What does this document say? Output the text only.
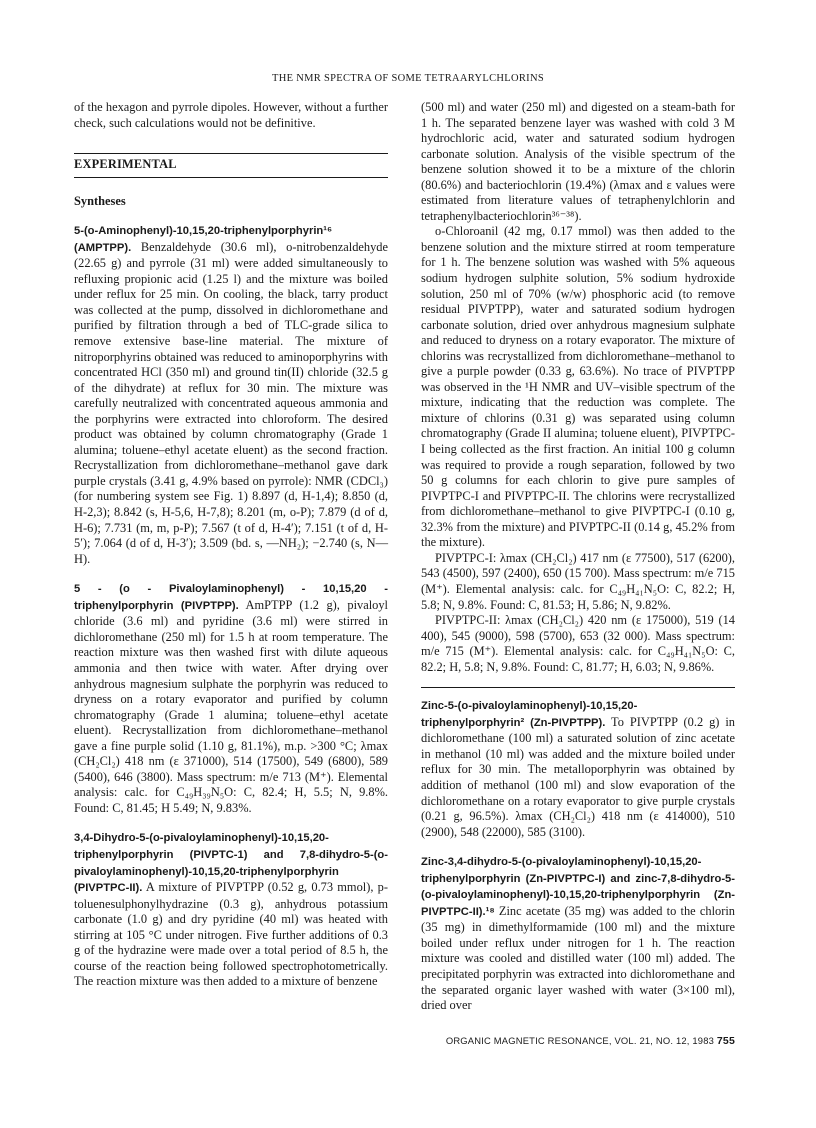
THE NMR SPECTRA OF SOME TETRAARYLCHLORINS

of the hexagon and pyrrole dipoles. However, without a further check, such calculations would not be definitive.

EXPERIMENTAL
Syntheses

5-(o-Aminophenyl)-10,15,20-triphenylporphyrin¹⁶ (AMPTPP). Benzaldehyde (30.6 ml), o-nitrobenzaldehyde (22.65 g) and pyrrole (31 ml) were added simultaneously to refluxing propionic acid (1.25 l) and the mixture was boiled under reflux for 25 min. On cooling, the black, tarry product was collected at the pump, dissolved in dichloromethane and purified by filtration through a bed of TLC-grade silica to remove extensive base-line material. The mixture of nitroporphyrins obtained was reduced to aminoporphyrins with concentrated HCl (350 ml) and ground tin(II) chloride (32.5 g of the dihydrate) at reflux for 30 min. The mixture was carefully neutralized with concentrated aqueous ammonia and the porphyrins were extracted into chloroform. The desired product was obtained by column chromatography (Grade 1 alumina; toluene–ethyl acetate eluent) as the second fraction. Recrystallization from dichloromethane–methanol gave dark purple crystals (3.41 g, 4.9% based on pyrrole): NMR (CDCl₃) (for numbering system see Fig. 1) 8.897 (d, H-1,4); 8.850 (d, H-2,3); 8.842 (s, H-5,6, H-7,8); 8.201 (m, o-P); 7.879 (d of d, H-6); 7.731 (m, m, p-P); 7.567 (t of d, H-4′); 7.151 (t of d, H-5′); 7.064 (d of d, H-3′); 3.509 (bd. s, —NH₂); −2.740 (s, N—H).

5 - (o - Pivaloylaminophenyl) - 10,15,20 - triphenylporphyrin (PIVPTPP). AmPTPP (1.2 g), pivaloyl chloride (3.6 ml) and pyridine (3.6 ml) were stirred in dichloromethane (250 ml) for 1.5 h at room temperature. The reaction mixture was then washed first with dilute aqueous ammonia and then twice with water. After drying over anhydrous magnesium sulphate the porphyrin was reduced to dryness on a rotary evaporator and purified by column chromatography (Grade 1 alumina; toluene–ethyl acetate eluent). Recrystallization from dichloromethane–methanol gave a fine purple solid (1.10 g, 81.1%), m.p. >300 °C; λmax (CH₂Cl₂) 418 nm (ε 371000), 514 (17500), 549 (6800), 589 (5400), 646 (3800). Mass spectrum: m/e 713 (M⁺). Elemental analysis: calc. for C₄₉H₃₉N₅O: C, 82.4; H, 5.5; N, 9.8%. Found: C, 81.45; H 5.49; N, 9.83%.

3,4-Dihydro-5-(o-pivaloylaminophenyl)-10,15,20-triphenylporphyrin (PIVPTC-1) and 7,8-dihydro-5-(o-pivaloylaminophenyl)-10,15,20-triphenylporphyrin (PIVPTPC-II). A mixture of PIVPTPP (0.52 g, 0.73 mmol), p-toluenesulphonylhydrazine (0.3 g), anhydrous potassium carbonate (1.0 g) and dry pyridine (40 ml) was heated with stirring at 105 °C under nitrogen. Five further additions of 0.3 g of the hydrazine were made over a total period of 8.5 h, the course of the reaction being followed spectrophotometrically. The reaction mixture was then added to a mixture of benzene

(500 ml) and water (250 ml) and digested on a steam-bath for 1 h. The separated benzene layer was washed with cold 3 M hydrochloric acid, water and saturated sodium hydrogen carbonate solution. Analysis of the visible spectrum of the benzene solution showed it to be a mixture of the chlorin (80.6%) and bacteriochlorin (19.4%) (λmax and ε values were estimated from literature values of tetraphenylchlorin and tetraphenylbacteriochlorin³⁶⁻³⁸).

o-Chloroanil (42 mg, 0.17 mmol) was then added to the benzene solution and the mixture stirred at room temperature for 1 h. The benzene solution was washed with 5% aqueous sodium hydrogen sulphite solution, 5% sodium hydroxide solution, 250 ml of 70% (w/w) phosphoric acid (to remove residual PIVPTPP), water and saturated sodium hydrogen carbonate solution, dried over anhydrous magnesium sulphate and reduced to dryness on a rotary evaporator. The mixture of chlorins was recrystallized from dichloromethane–methanol to give a purple powder (0.33 g, 63.6%). No trace of PIVPTPP was observed in the ¹H NMR and UV–visible spectrum of the mixture, indicating that the reduction was complete. The mixture of chlorins (0.31 g) was separated using column chromatography (Grade II alumina; toluene eluent), PIVPTPC-I being collected as the first fraction. An initial 100 g column was required to provide a rough separation, followed by two 50 g columns for each chlorin to give pure samples of PIVPTPC-I and PIVPTPC-II. The chlorins were recrystallized from dichloromethane–methanol to give PIVPTPC-I (0.10 g, 32.3% from the mixture) and PIVPTPC-II (0.14 g, 45.2% from the mixture).

PIVPTPC-I: λmax (CH₂Cl₂) 417 nm (ε 77500), 517 (6200), 543 (4500), 597 (2400), 650 (15 700). Mass spectrum: m/e 715 (M⁺). Elemental analysis: calc. for C₄₉H₄₁N₅O: C, 82.2; H, 5.8; N, 9.8%. Found: C, 81.53; H, 5.86; N, 9.82%.

PIVPTPC-II: λmax (CH₂Cl₂) 420 nm (ε 175000), 519 (14 400), 545 (9000), 598 (5700), 653 (32 000). Mass spectrum: m/e 715 (M⁺). Elemental analysis: calc. for C₄₉H₄₁N₅O: C, 82.2; H, 5.8; N, 9.8%. Found: C, 81.77; H, 6.03; N, 9.86%.

Zinc-5-(o-pivaloylaminophenyl)-10,15,20-triphenylporphyrin² (Zn-PIVPTPP). To PIVPTPP (0.2 g) in dichloromethane (100 ml) a saturated solution of zinc acetate in methanol (10 ml) was added and the mixture boiled under reflux for 30 min. The metalloporphyrin was obtained by addition of methanol (100 ml) and slow evaporation of the dichloromethane on a rotary evaporator to give purple crystals (0.21 g, 96.5%). λmax (CH₂Cl₂) 418 nm (ε 414000), 510 (2900), 548 (22000), 585 (3100).

Zinc-3,4-dihydro-5-(o-pivaloylaminophenyl)-10,15,20-triphenylporphyrin (Zn-PIVPTPC-I) and zinc-7,8-dihydro-5-(o-pivaloylaminophenyl)-10,15,20-triphenylporphyrin (Zn-PIVPTPC-II).¹⁸ Zinc acetate (35 mg) was added to the chlorin (35 mg) in dimethylformamide (100 ml) and the mixture boiled under reflux under nitrogen for 1 h. The reaction mixture was cooled and distilled water (100 ml) added. The precipitated porphyrin was extracted into dichloromethane and the separated organic layer washed with water (3×100 ml), dried over

ORGANIC MAGNETIC RESONANCE, VOL. 21, NO. 12, 1983 755
